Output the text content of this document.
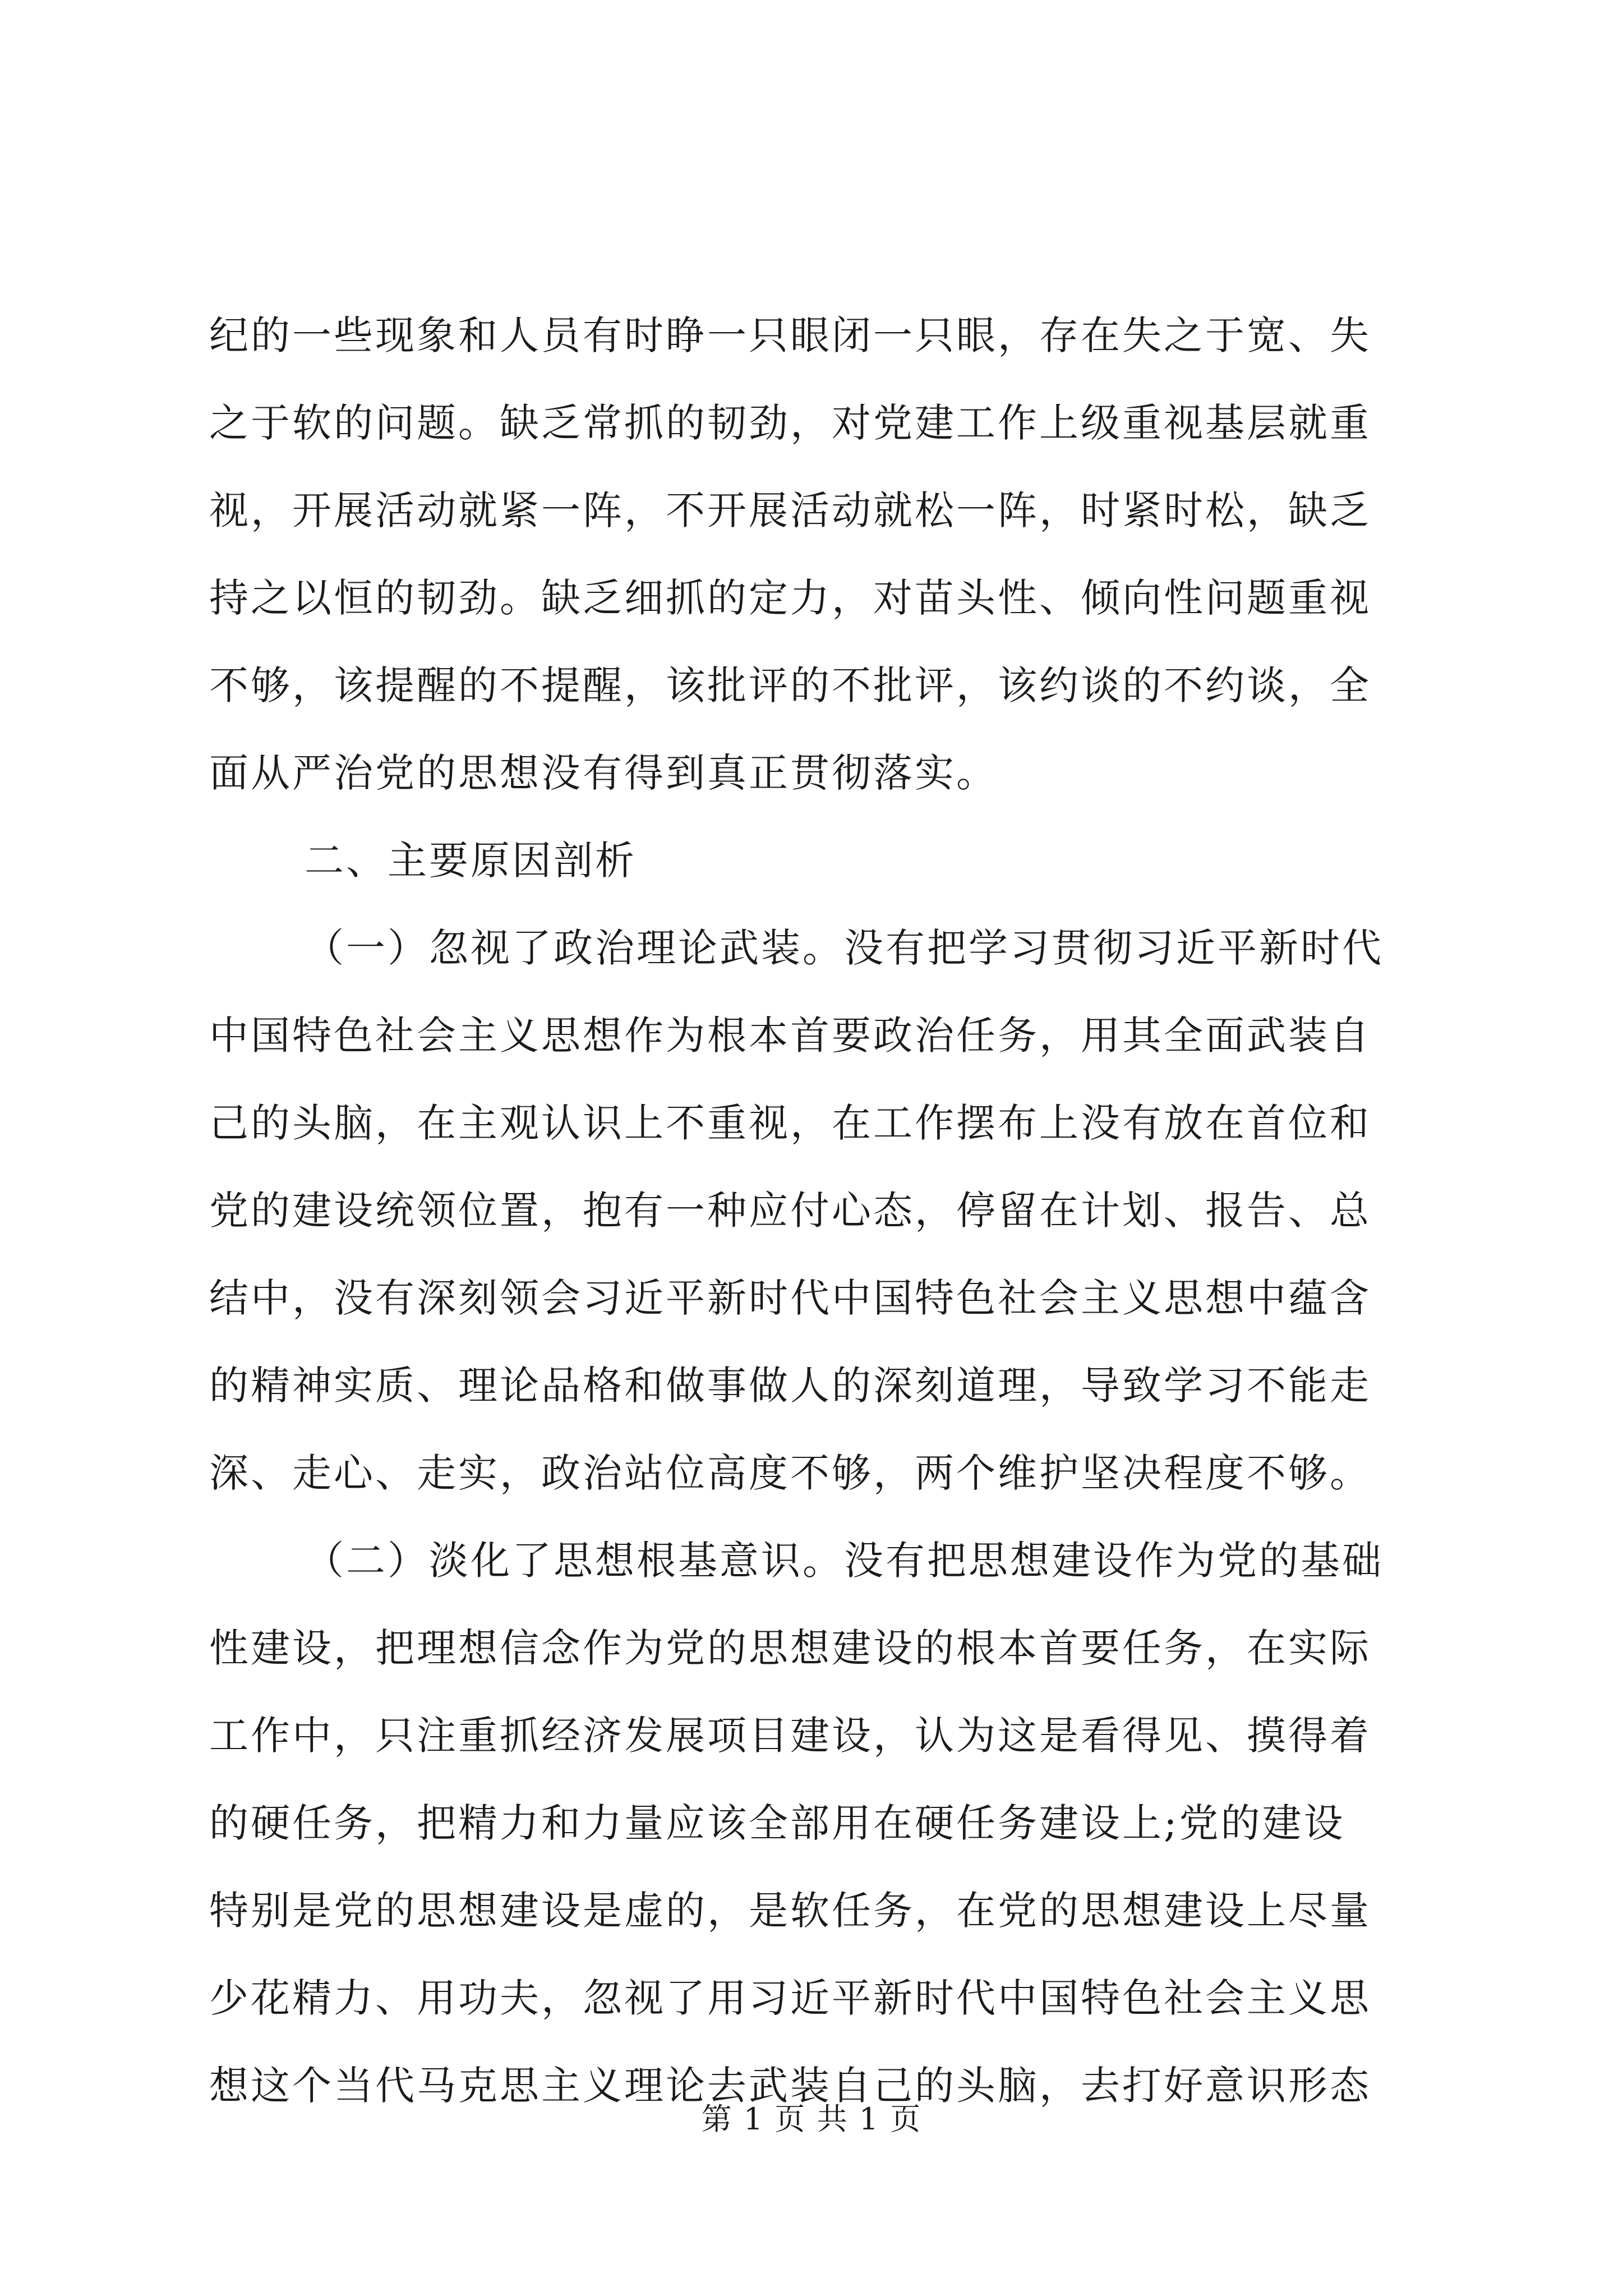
纪的一些现象和人员有时睁一只眼闭一只眼，存在失之于宽、失
之于软的问题。缺乏常抓的韧劲，对党建工作上级重视基层就重
视，开展活动就紧一阵，不开展活动就松一阵，时紧时松，缺乏
持之以恒的韧劲。缺乏细抓的定力，对苗头性、倾向性问题重视
不够，该提醒的不提醒，该批评的不批评，该约谈的不约谈，全
面从严治党的思想没有得到真正贯彻落实。
二、主要原因剖析
（一）忽视了政治理论武装。没有把学习贯彻习近平新时代
中国特色社会主义思想作为根本首要政治任务，用其全面武装自
己的头脑，在主观认识上不重视，在工作摆布上没有放在首位和
党的建设统领位置，抱有一种应付心态，停留在计划、报告、总
结中，没有深刻领会习近平新时代中国特色社会主义思想中蕴含
的精神实质、理论品格和做事做人的深刻道理，导致学习不能走
深、走心、走实，政治站位高度不够，两个维护坚决程度不够。
（二）淡化了思想根基意识。没有把思想建设作为党的基础
性建设，把理想信念作为党的思想建设的根本首要任务，在实际
工作中，只注重抓经济发展项目建设，认为这是看得见、摸得着
的硬任务，把精力和力量应该全部用在硬任务建设上;党的建设
特别是党的思想建设是虚的，是软任务，在党的思想建设上尽量
少花精力、用功夫，忽视了用习近平新时代中国特色社会主义思
想这个当代马克思主义理论去武装自己的头脑，去打好意识形态
第 1 页 共 1 页
